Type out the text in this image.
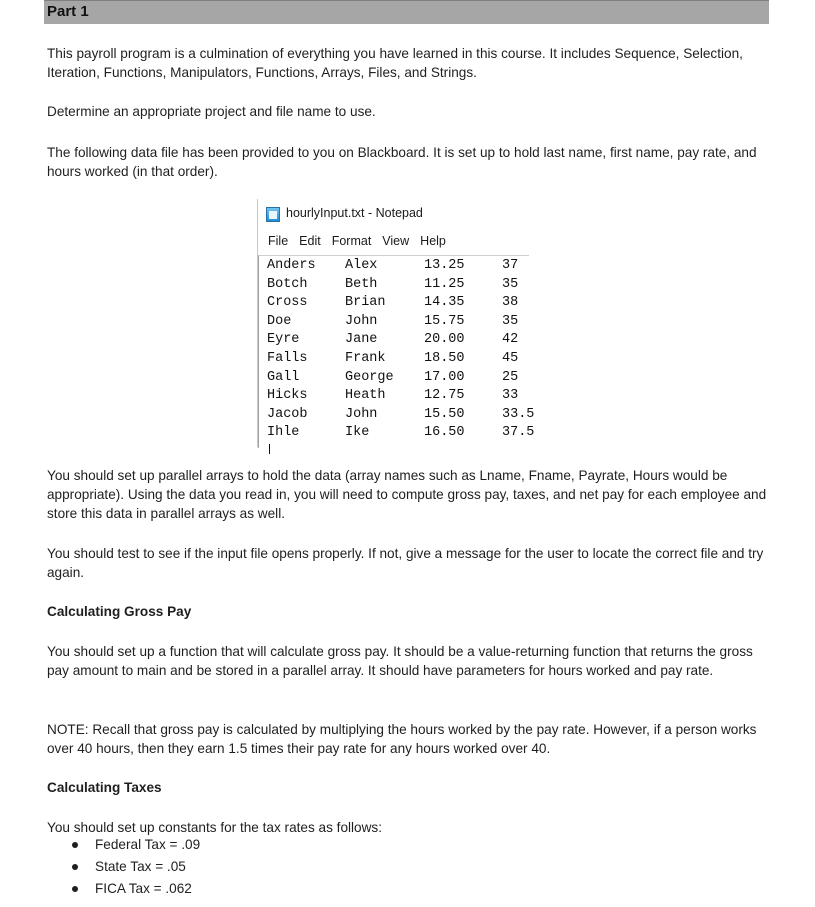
Part 1

This payroll program is a culmination of everything you have learned in this course. It includes Sequence, Selection, Iteration, Functions, Manipulators, Functions, Arrays, Files, and Strings.

Determine an appropriate project and file name to use.

The following data file has been provided to you on Blackboard. It is set up to hold last name, first name, pay rate, and hours worked (in that order).

hourlyInput.txt - Notepad
File Edit Format View Help
Anders Alex	13.25	37
Botch	Beth	11.25	35
Cross	Brian	14.35	38
Doe	John	15.75	35
Eyre	Jane	20.00	42
Falls	Frank	18.50	45
Gall	George 17.00	25
Hicks	Heath	12.75	33
Jacob	John	15.50	33.5
Ihle	Ike	16.50	37.5

You should set up parallel arrays to hold the data (array names such as Lname, Fname, Payrate, Hours would be appropriate). Using the data you read in, you will need to compute gross pay, taxes, and net pay for each employee and store this data in parallel arrays as well.

You should test to see if the input file opens properly. If not, give a message for the user to locate the correct file and try again.

Calculating Gross Pay

You should set up a function that will calculate gross pay. It should be a value-returning function that returns the gross pay amount to main and be stored in a parallel array. It should have parameters for hours worked and pay rate.

NOTE: Recall that gross pay is calculated by multiplying the hours worked by the pay rate. However, if a person works over 40 hours, then they earn 1.5 times their pay rate for any hours worked over 40.

Calculating Taxes

You should set up constants for the tax rates as follows:

Federal Tax = .09
State Tax = .05
FICA Tax = .062
